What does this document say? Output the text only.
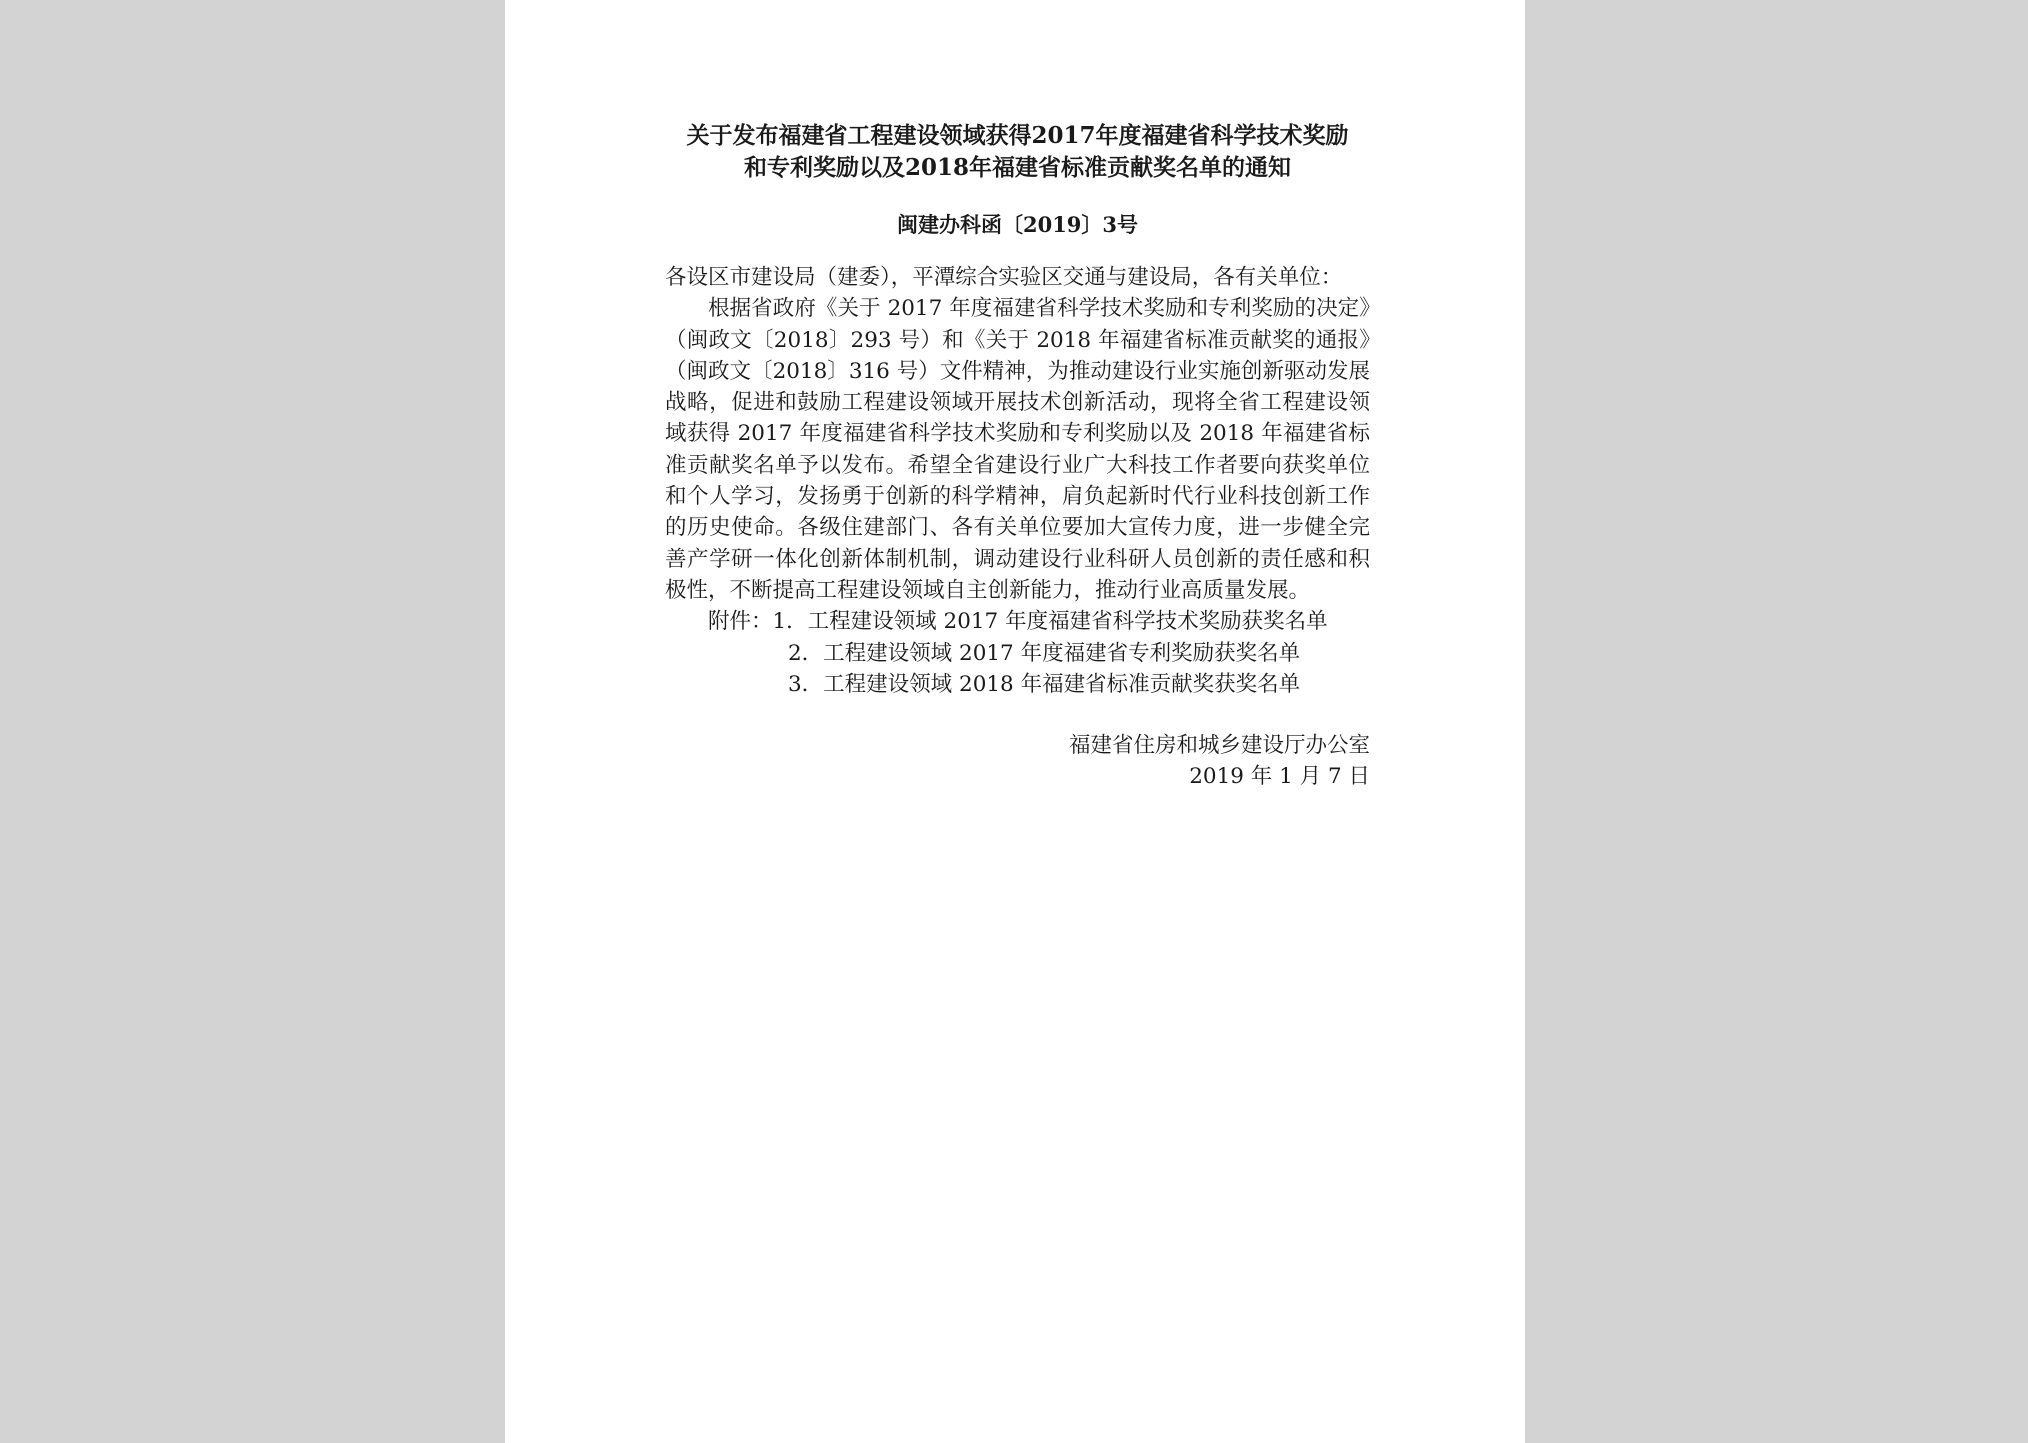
关于发布福建省工程建设领域获得2017年度福建省科学技术奖励
和专利奖励以及2018年福建省标准贡献奖名单的通知

闽建办科函〔2019〕3号

各设区市建设局（建委），平潭综合实验区交通与建设局，各有关单位：

根据省政府《关于 2017 年度福建省科学技术奖励和专利奖励的决定》（闽政文〔2018〕293 号）和《关于 2018 年福建省标准贡献奖的通报》（闽政文〔2018〕316 号）文件精神，为推动建设行业实施创新驱动发展战略，促进和鼓励工程建设领域开展技术创新活动，现将全省工程建设领域获得 2017 年度福建省科学技术奖励和专利奖励以及 2018 年福建省标准贡献奖名单予以发布。希望全省建设行业广大科技工作者要向获奖单位和个人学习，发扬勇于创新的科学精神，肩负起新时代行业科技创新工作的历史使命。各级住建部门、各有关单位要加大宣传力度，进一步健全完善产学研一体化创新体制机制，调动建设行业科研人员创新的责任感和积极性，不断提高工程建设领域自主创新能力，推动行业高质量发展。

附件：1．工程建设领域 2017 年度福建省科学技术奖励获奖名单

2．工程建设领域 2017 年度福建省专利奖励获奖名单

3．工程建设领域 2018 年福建省标准贡献奖获奖名单

福建省住房和城乡建设厅办公室
2019 年 1 月 7 日
